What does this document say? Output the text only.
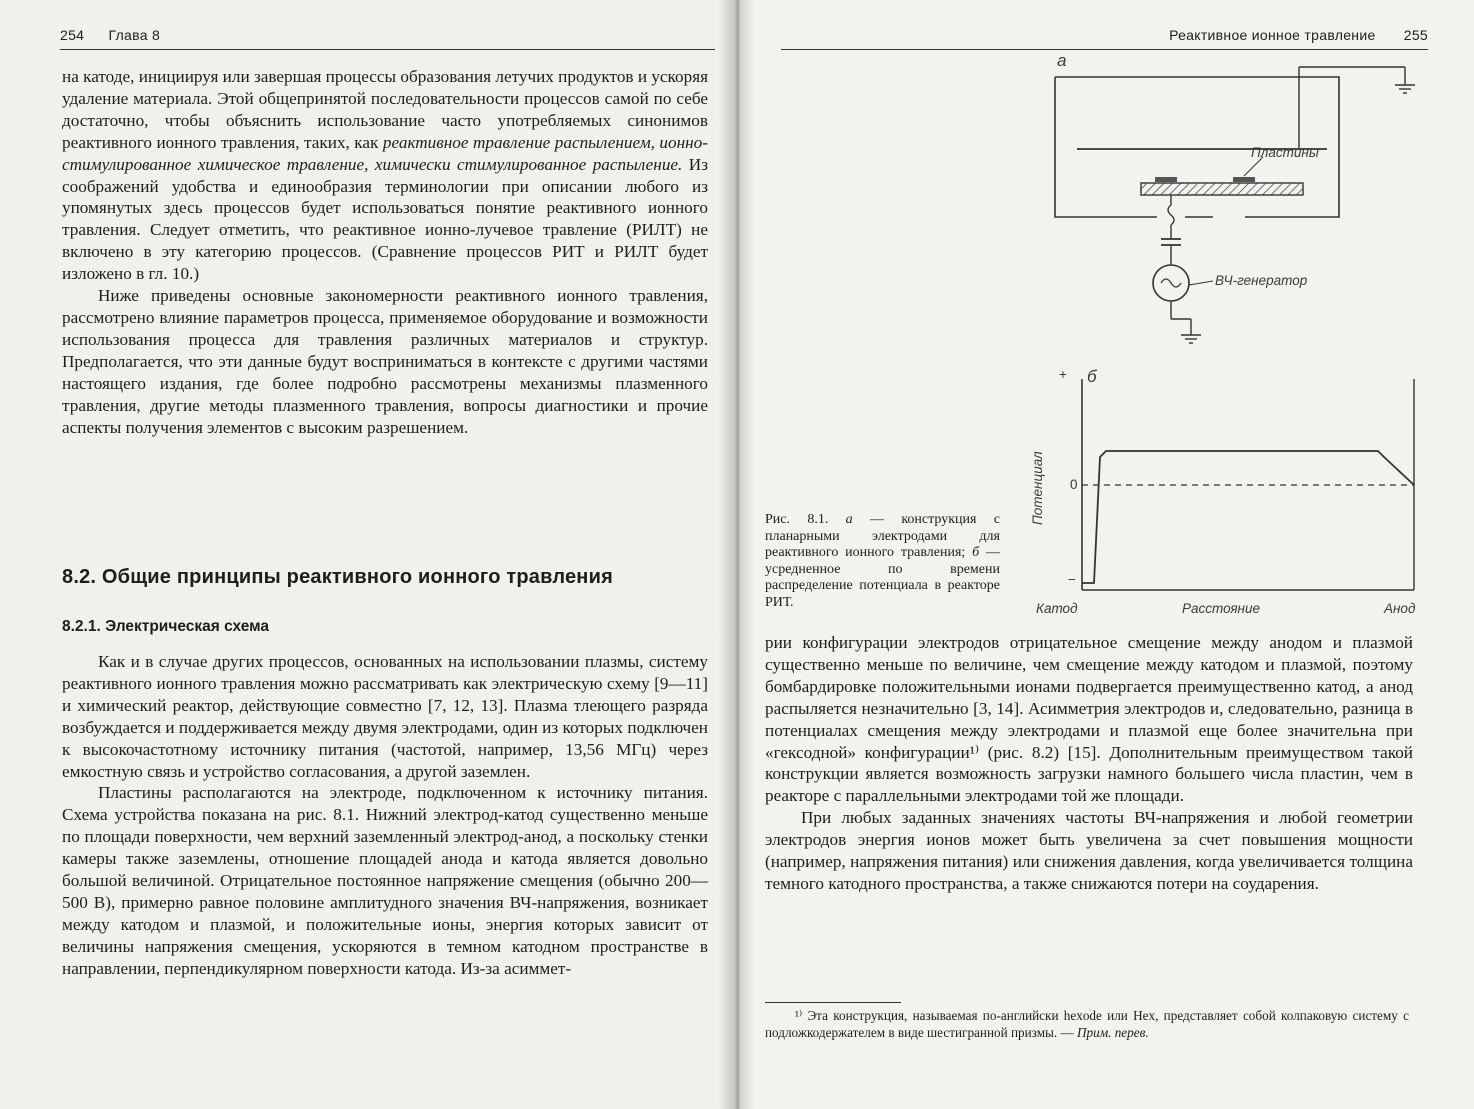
254 Глава 8

на катоде, инициируя или завершая процессы образования летучих продуктов и ускоряя удаление материала. Этой общепринятой последовательности процессов самой по себе достаточно, чтобы объяснить использование часто употребляемых синонимов реактивного ионного травления, таких, как реактивное травление распылением, ионно-стимулированное химическое травление, химически стимулированное распыление. Из соображений удобства и единообразия терминологии при описании любого из упомянутых здесь процессов будет использоваться понятие реактивного ионного травления. Следует отметить, что реактивное ионно-лучевое травление (РИЛТ) не включено в эту категорию процессов. (Сравнение процессов РИТ и РИЛТ будет изложено в гл. 10.)

Ниже приведены основные закономерности реактивного ионного травления, рассмотрено влияние параметров процесса, применяемое оборудование и возможности использования процесса для травления различных материалов и структур. Предполагается, что эти данные будут восприниматься в контексте с другими частями настоящего издания, где более подробно рассмотрены механизмы плазменного травления, другие методы плазменного травления, вопросы диагностики и прочие аспекты получения элементов с высоким разрешением.

8.2. Общие принципы реактивного ионного травления
8.2.1. Электрическая схема

Как и в случае других процессов, основанных на использовании плазмы, систему реактивного ионного травления можно рассматривать как электрическую схему [9—11] и химический реактор, действующие совместно [7, 12, 13]. Плазма тлеющего разряда возбуждается и поддерживается между двумя электродами, один из которых подключен к высокочастотному источнику питания (частотой, например, 13,56 МГц) через емкостную связь и устройство согласования, а другой заземлен.

Пластины располагаются на электроде, подключенном к источнику питания. Схема устройства показана на рис. 8.1. Нижний электрод-катод существенно меньше по площади поверхности, чем верхний заземленный электрод-анод, а поскольку стенки камеры также заземлены, отношение площадей анода и катода является довольно большой величиной. Отрицательное постоянное напряжение смещения (обычно 200—500 В), примерно равное половине амплитудного значения ВЧ-напряжения, возникает между катодом и плазмой, и положительные ионы, энергия которых зависит от величины напряжения смещения, ускоряются в темном катодном пространстве в направлении, перпендикулярном поверхности катода. Из-за асиммет-

Реактивное ионное травление 255
а
Пластины
ВЧ-генератор
+ б
0
−
Потенциал
Катод	Расстояние	Анод
Рис. 8.1. а — конструкция с планарными электродами для реактивного ионного травления; б — усредненное по времени распределение потенциала в реакторе РИТ.

рии конфигурации электродов отрицательное смещение между анодом и плазмой существенно меньше по величине, чем смещение между катодом и плазмой, поэтому бомбардировке положительными ионами подвергается преимущественно катод, а анод распыляется незначительно [3, 14]. Асимметрия электродов и, следовательно, разница в потенциалах смещения между электродами и плазмой еще более значительна при «гексодной» конфигурации¹⁾ (рис. 8.2) [15]. Дополнительным преимуществом такой конструкции является возможность загрузки намного большего числа пластин, чем в реакторе с параллельными электродами той же площади.

При любых заданных значениях частоты ВЧ-напряжения и любой геометрии электродов энергия ионов может быть увеличена за счет повышения мощности (например, напряжения питания) или снижения давления, когда увеличивается толщина темного катодного пространства, а также снижаются потери на соударения.

¹⁾ Эта конструкция, называемая по-английски hexode или Hex, представляет собой колпаковую систему с подложкодержателем в виде шестигранной призмы. — Прим. перев.
